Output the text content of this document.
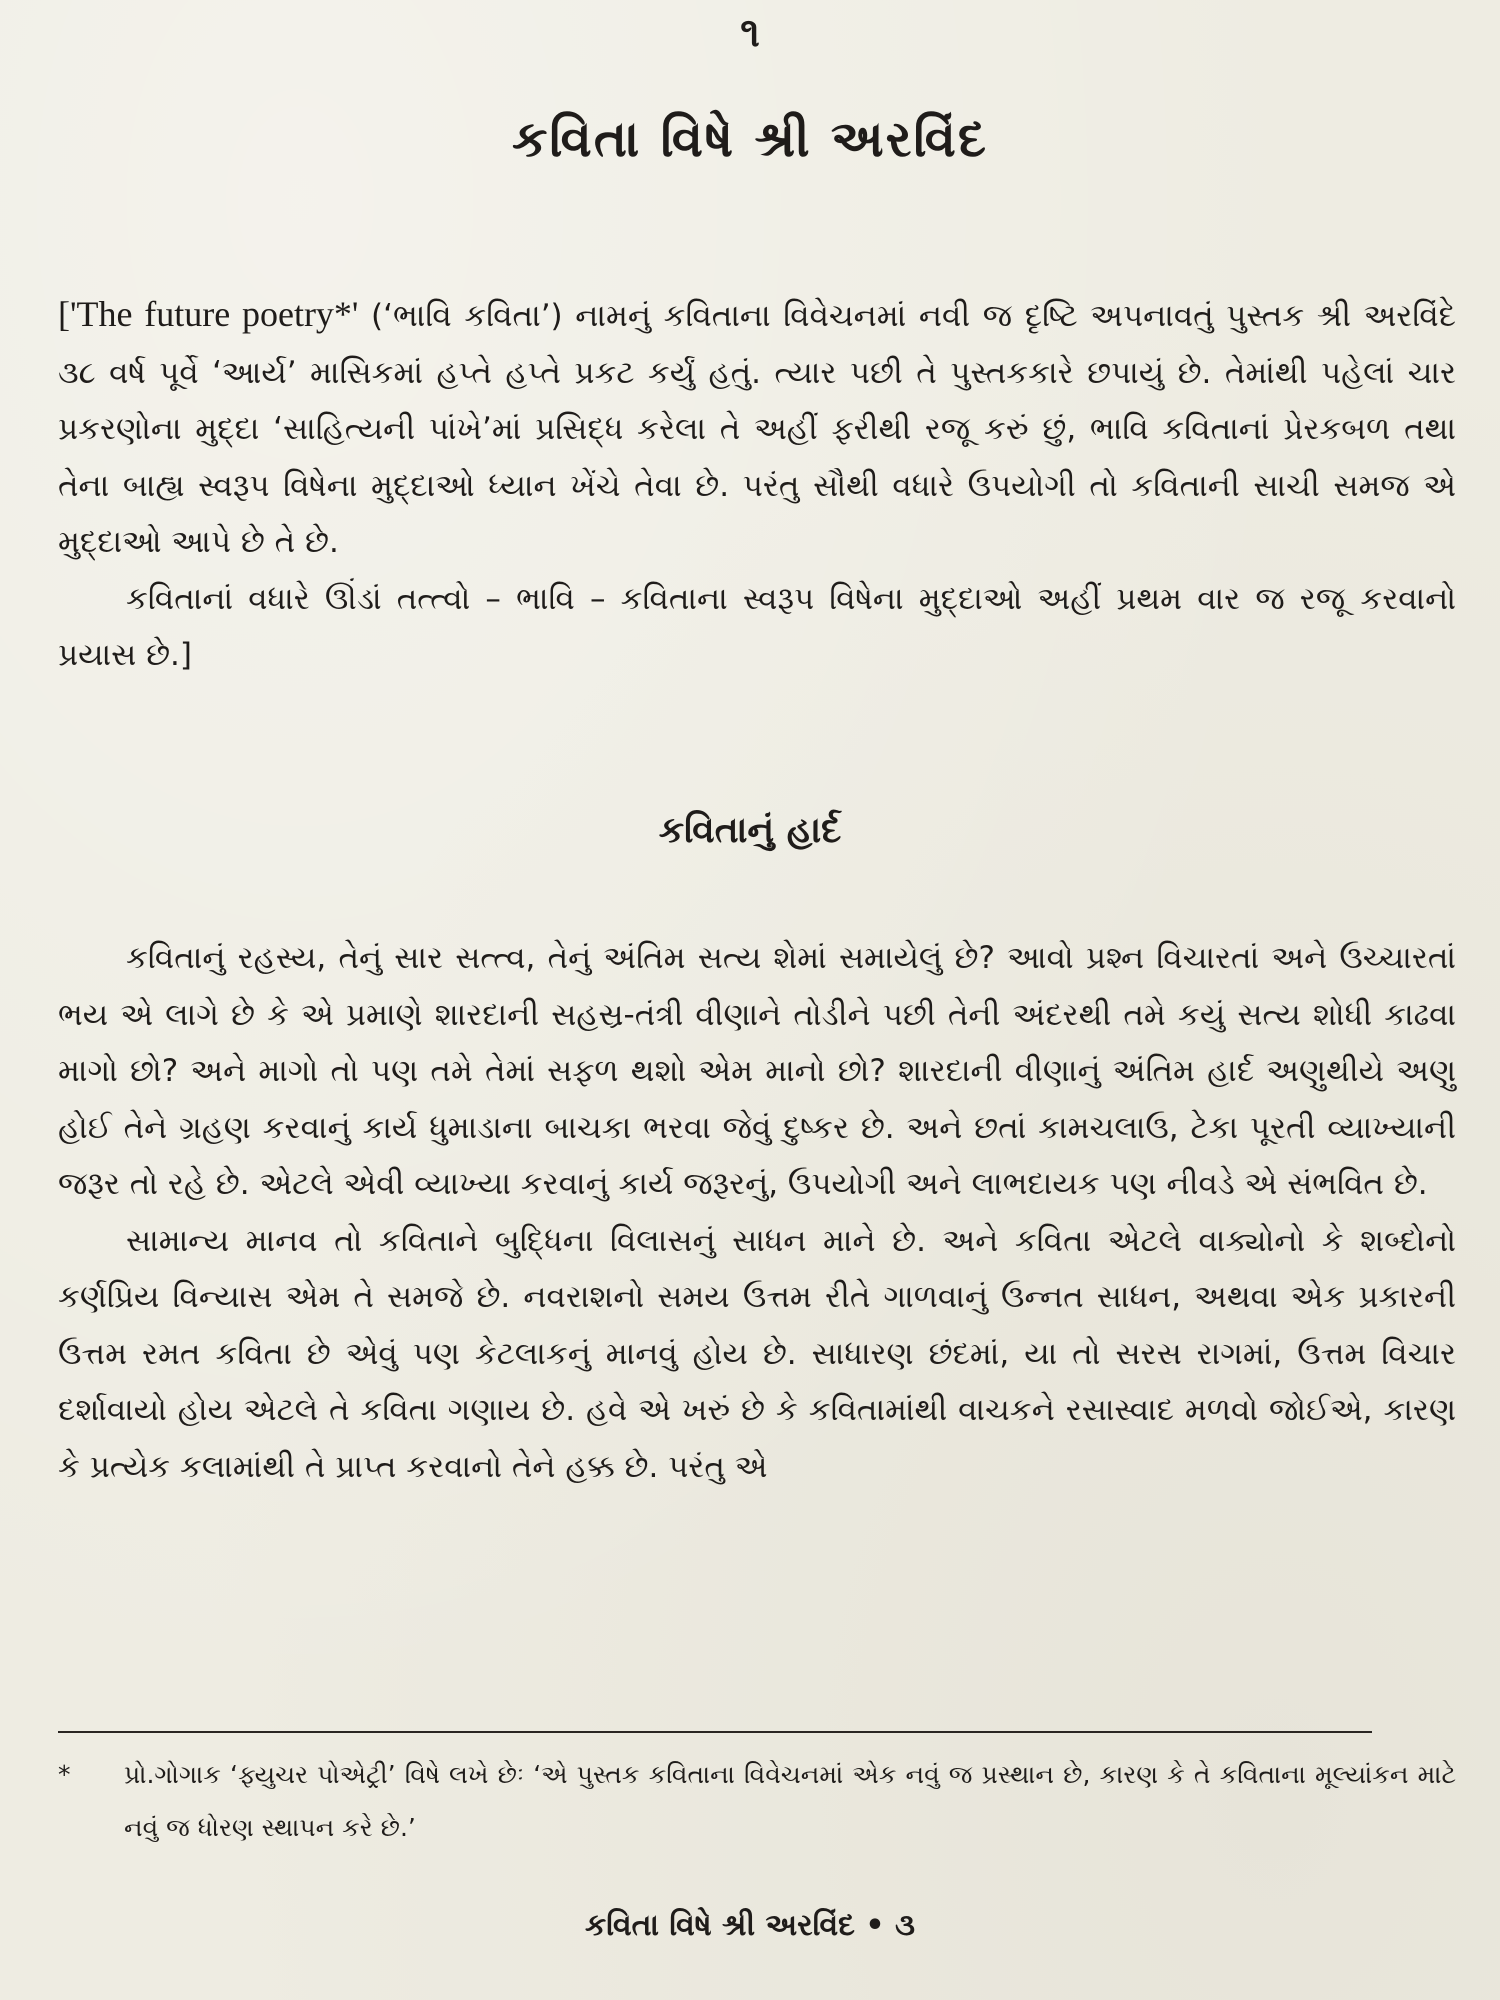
૧
કવિતા વિષે શ્રી અરવિંદ

['The future poetry*' (‘ભાવિ કવિતા’) નામનું કવિતાના વિવેચનમાં નવી જ દૃષ્ટિ અપનાવતું પુસ્તક શ્રી અરવિંદે ૩૮ વર્ષ પૂર્વે ‘આર્ય’ માસિકમાં હપ્તે હપ્તે પ્રકટ કર્યું હતું. ત્યાર પછી તે પુસ્તકકારે છપાયું છે. તેમાંથી પહેલાં ચાર પ્રકરણોના મુદ્દા ‘સાહિત્યની પાંખે’માં પ્રસિદ્ધ કરેલા તે અહીં ફરીથી રજૂ કરું છું, ભાવિ કવિતાનાં પ્રેરકબળ તથા તેના બાહ્ય સ્વરૂપ વિષેના મુદ્દાઓ ધ્યાન ખેંચે તેવા છે. પરંતુ સૌથી વધારે ઉપયોગી તો કવિતાની સાચી સમજ એ મુદ્દાઓ આપે છે તે છે.

કવિતાનાં વધારે ઊંડાં તત્ત્વો – ભાવિ – કવિતાના સ્વરૂપ વિષેના મુદ્દાઓ અહીં પ્રથમ વાર જ રજૂ કરવાનો પ્રયાસ છે.]

કવિતાનું હાર્દ

કવિતાનું રહસ્ય, તેનું સાર સત્ત્વ, તેનું અંતિમ સત્ય શેમાં સમાયેલું છે? આવો પ્રશ્ન વિચારતાં અને ઉચ્ચારતાં ભય એ લાગે છે કે એ પ્રમાણે શારદાની સહસ્ર-તંત્રી વીણાને તોડીને પછી તેની અંદરથી તમે કયું સત્ય શોધી કાઢવા માગો છો? અને માગો તો પણ તમે તેમાં સફળ થશો એમ માનો છો? શારદાની વીણાનું અંતિમ હાર્દ અણુથીયે અણુ હોઈ તેને ગ્રહણ કરવાનું કાર્ય ધુમાડાના બાચકા ભરવા જેવું દુષ્કર છે. અને છતાં કામચલાઉ, ટેકા પૂરતી વ્યાખ્યાની જરૂર તો રહે છે. એટલે એવી વ્યાખ્યા કરવાનું કાર્ય જરૂરનું, ઉપયોગી અને લાભદાયક પણ નીવડે એ સંભવિત છે.

સામાન્ય માનવ તો કવિતાને બુદ્ધિના વિલાસનું સાધન માને છે. અને કવિતા એટલે વાક્યોનો કે શબ્દોનો કર્ણપ્રિય વિન્યાસ એમ તે સમજે છે. નવરાશનો સમય ઉત્તમ રીતે ગાળવાનું ઉન્નત સાધન, અથવા એક પ્રકારની ઉત્તમ રમત કવિતા છે એવું પણ કેટલાકનું માનવું હોય છે. સાધારણ છંદમાં, યા તો સરસ રાગમાં, ઉત્તમ વિચાર દર્શાવાયો હોય એટલે તે કવિતા ગણાય છે. હવે એ ખરું છે કે કવિતામાંથી વાચકને રસાસ્વાદ મળવો જોઈએ, કારણ કે પ્રત્યેક કલામાંથી તે પ્રાપ્ત કરવાનો તેને હક્ક છે. પરંતુ એ

*	પ્રો.ગોગાક ‘ફ્યુચર પોએટ્રી’ વિષે લખે છેઃ ‘એ પુસ્તક કવિતાના વિવેચનમાં એક નવું જ પ્રસ્થાન છે, કારણ કે તે કવિતાના મૂલ્યાંકન માટે નવું જ ધોરણ સ્થાપન કરે છે.’
કવિતા વિષે શ્રી અરવિંદ • ૩
